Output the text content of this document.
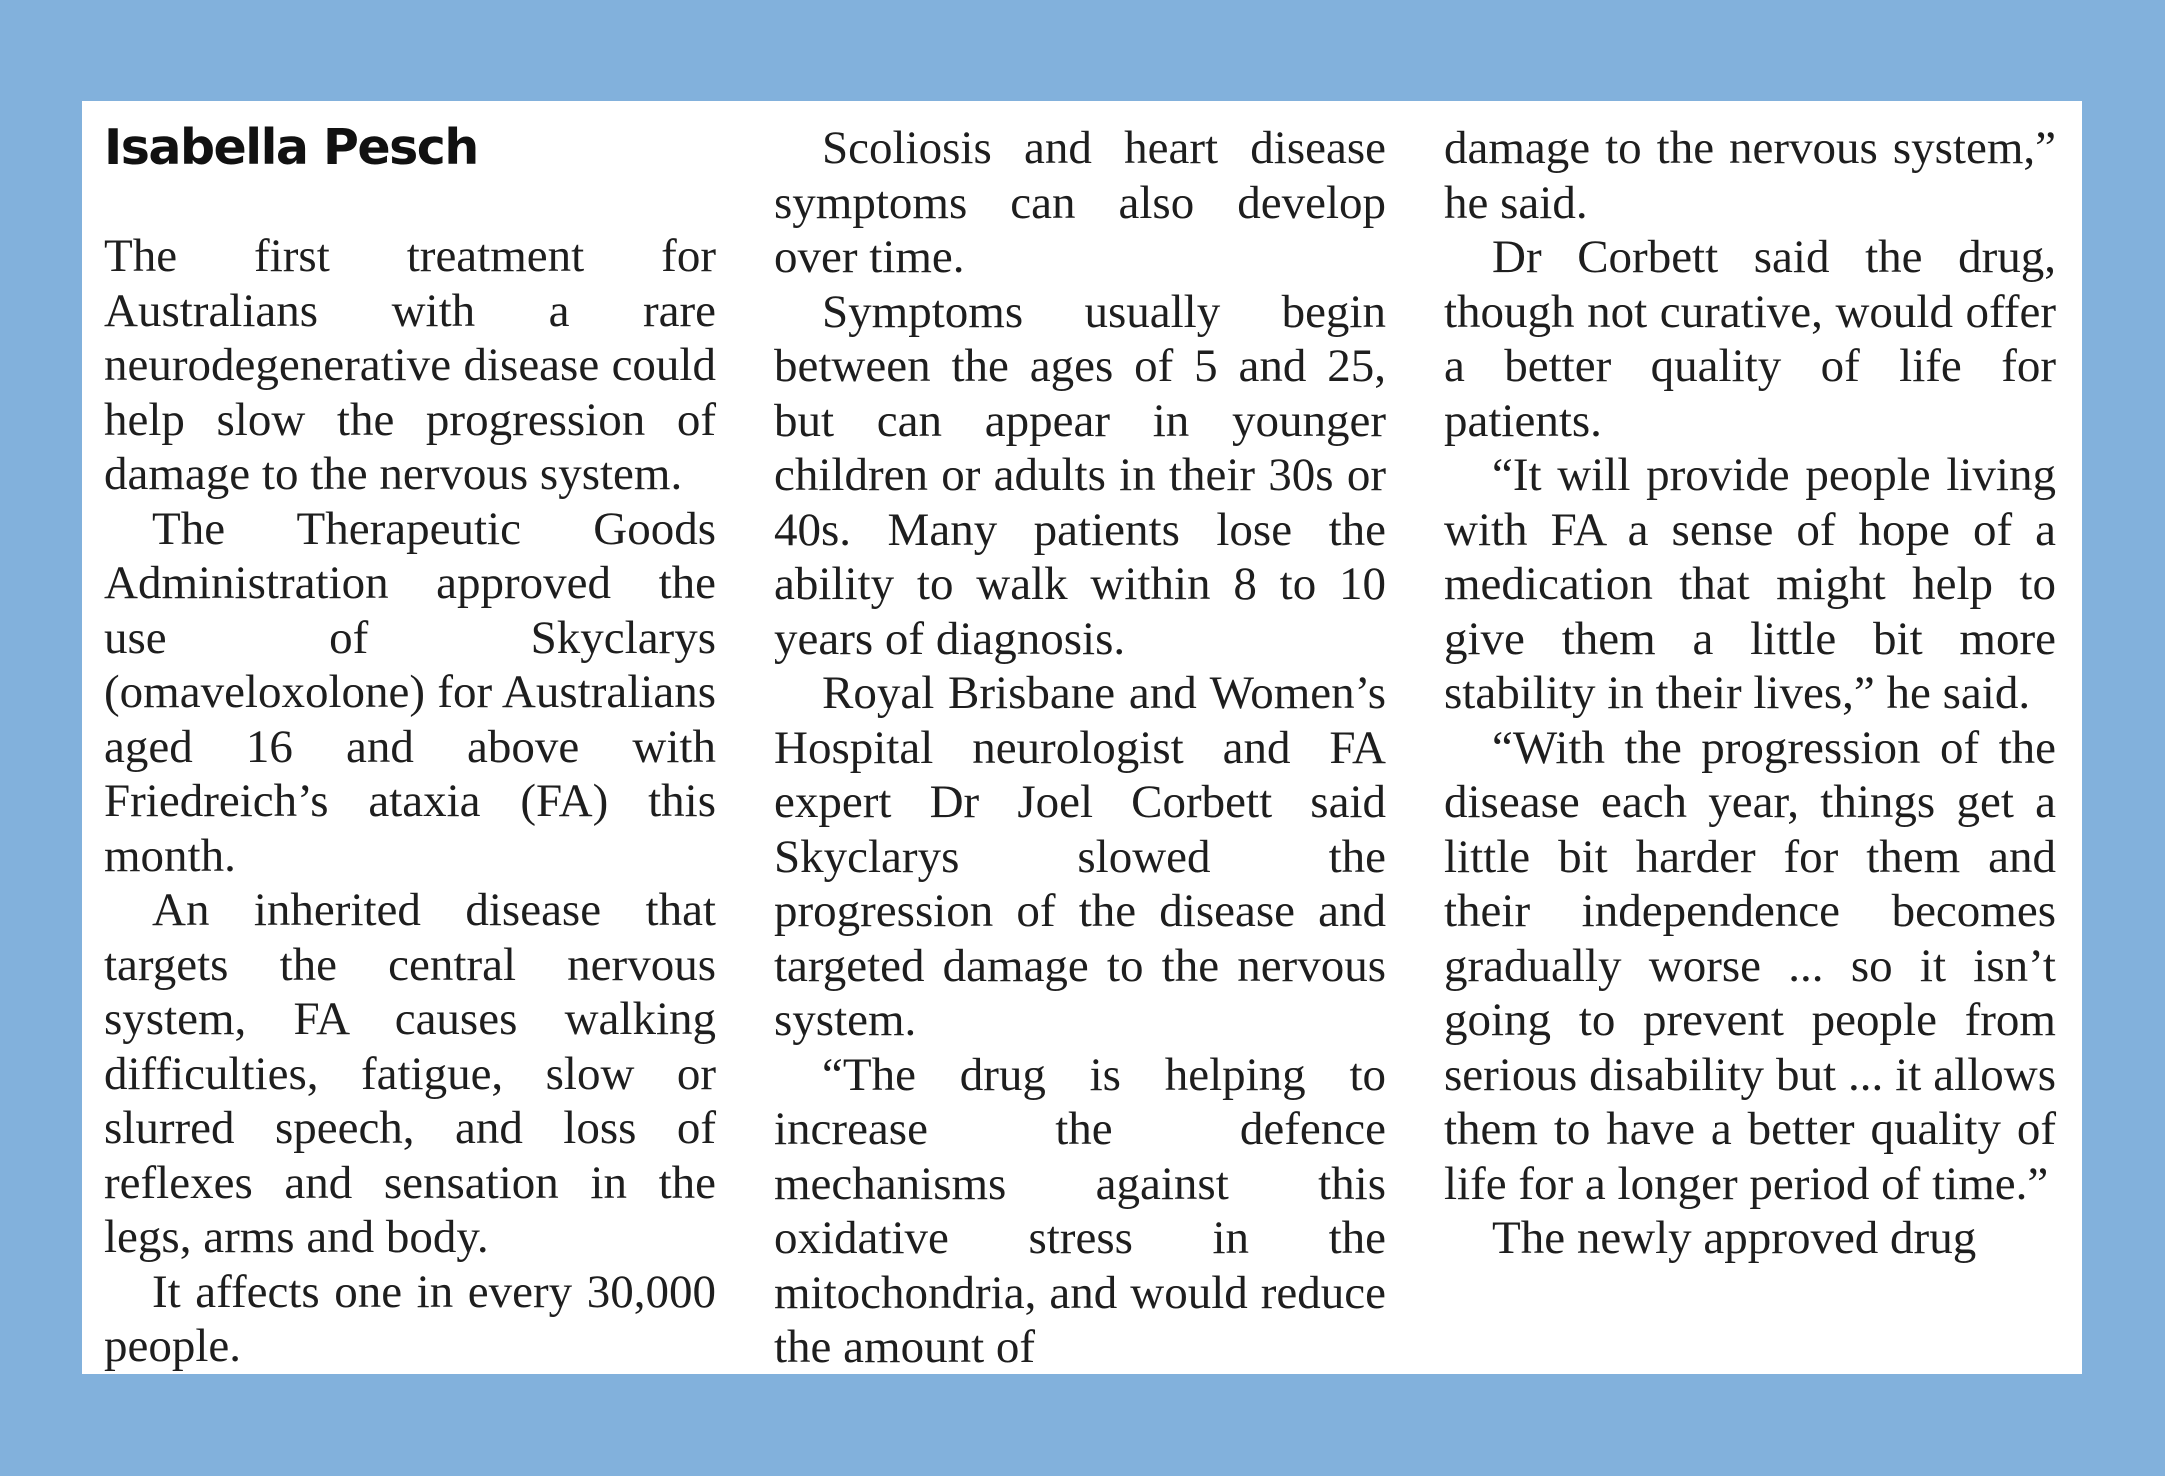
Isabella Pesch

The first treatment for Australians with a rare neurodegenerative disease could help slow the progression of damage to the nervous system.

The Therapeutic Goods Administration approved the use of Skyclarys (omaveloxolone) for Australians aged 16 and above with Friedreich’s ataxia (FA) this month.

An inherited disease that targets the central nervous system, FA causes walking difficulties, fatigue, slow or slurred speech, and loss of reflexes and sensation in the legs, arms and body.

It affects one in every 30,000 people.

Scoliosis and heart disease symptoms can also develop over time.

Symptoms usually begin between the ages of 5 and 25, but can appear in younger children or adults in their 30s or 40s. Many patients lose the ability to walk within 8 to 10 years of diagnosis.

Royal Brisbane and Women’s Hospital neurologist and FA expert Dr Joel Corbett said Skyclarys slowed the progression of the disease and targeted damage to the nervous system.

“The drug is helping to increase the defence mechanisms against this oxidative stress in the mitochondria, and would reduce the amount of

damage to the nervous system,” he said.

Dr Corbett said the drug, though not curative, would offer a better quality of life for patients.

“It will provide people living with FA a sense of hope of a medication that might help to give them a little bit more stability in their lives,” he said.

“With the progression of the disease each year, things get a little bit harder for them and their independence becomes gradually worse ... so it isn’t going to prevent people from serious disability but ... it allows them to have a better quality of life for a longer period of time.”

The newly approved drug
